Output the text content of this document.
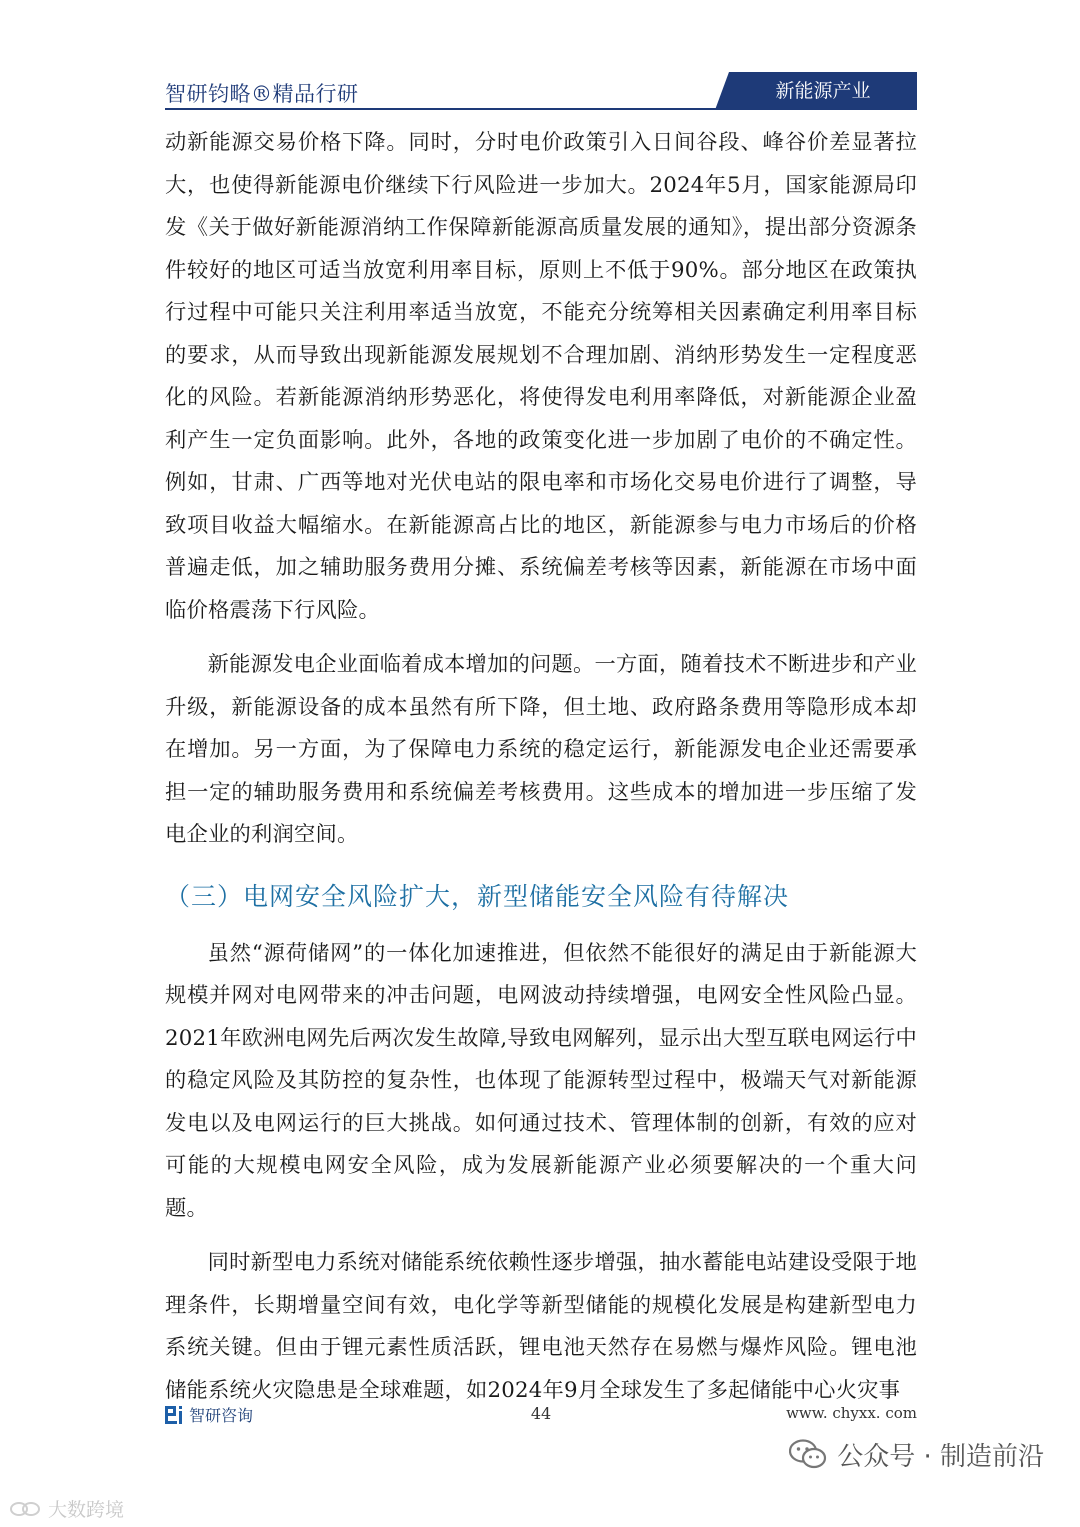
智研钧略®精品行研	新能源产业

动新能源交易价格下降。同时，分时电价政策引入日间谷段、峰谷价差显著拉大，也使得新能源电价继续下行风险进一步加大。2024年5月，国家能源局印发《关于做好新能源消纳工作保障新能源高质量发展的通知》，提出部分资源条件较好的地区可适当放宽利用率目标，原则上不低于90%。部分地区在政策执行过程中可能只关注利用率适当放宽，不能充分统筹相关因素确定利用率目标的要求，从而导致出现新能源发展规划不合理加剧、消纳形势发生一定程度恶化的风险。若新能源消纳形势恶化，将使得发电利用率降低，对新能源企业盈利产生一定负面影响。此外，各地的政策变化进一步加剧了电价的不确定性。例如，甘肃、广西等地对光伏电站的限电率和市场化交易电价进行了调整，导致项目收益大幅缩水。在新能源高占比的地区，新能源参与电力市场后的价格普遍走低，加之辅助服务费用分摊、系统偏差考核等因素，新能源在市场中面临价格震荡下行风险。

新能源发电企业面临着成本增加的问题。一方面，随着技术不断进步和产业升级，新能源设备的成本虽然有所下降，但土地、政府路条费用等隐形成本却在增加。另一方面，为了保障电力系统的稳定运行，新能源发电企业还需要承担一定的辅助服务费用和系统偏差考核费用。这些成本的增加进一步压缩了发电企业的利润空间。

（三）电网安全风险扩大，新型储能安全风险有待解决

虽然“源荷储网”的一体化加速推进，但依然不能很好的满足由于新能源大规模并网对电网带来的冲击问题，电网波动持续增强，电网安全性风险凸显。2021年欧洲电网先后两次发生故障,导致电网解列，显示出大型互联电网运行中的稳定风险及其防控的复杂性，也体现了能源转型过程中，极端天气对新能源发电以及电网运行的巨大挑战。如何通过技术、管理体制的创新，有效的应对可能的大规模电网安全风险，成为发展新能源产业必须要解决的一个重大问题。

同时新型电力系统对储能系统依赖性逐步增强，抽水蓄能电站建设受限于地理条件，长期增量空间有效，电化学等新型储能的规模化发展是构建新型电力系统关键。但由于锂元素性质活跃，锂电池天然存在易燃与爆炸风险。锂电池储能系统火灾隐患是全球难题，如2024年9月全球发生了多起储能中心火灾事

智研咨询	44	www. chyxx. com
公众号 · 制造前沿
大数跨境
